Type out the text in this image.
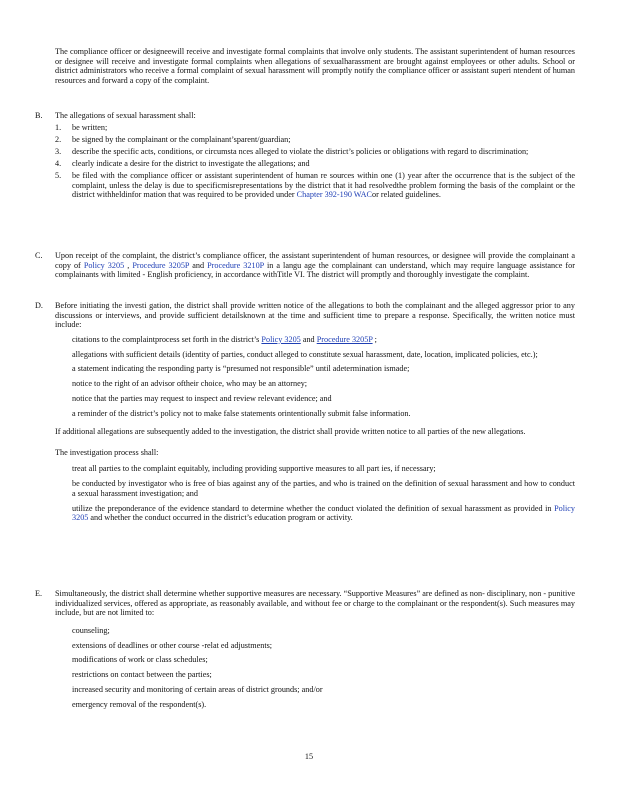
The compliance officer or designeewill receive and investigate formal complaints that involve only students. The assistant superintendent of human resources or designee will receive and investigate formal complaints when allegations of sexualharassment are brought against employees or other adults. School or district administrators who receive a formal complaint of sexual harassment will promptly notify the compliance officer or assistant superi ntendent of human resources and forward a copy of the complaint.
B.	The allegations of sexual harassment shall:
1. be written;
2. be signed by the complainant or the complainant’sparent/guardian;
3. describe the specific acts, conditions, or circumsta nces alleged to violate the district’s policies or obligations with regard to discrimination;
4. clearly indicate a desire for the district to investigate the allegations; and
5. be filed with the compliance officer or assistant superintendent of human re sources within one (1) year after the occurrence that is the subject of the complaint, unless the delay is due to specificmisrepresentations by the district that it had resolvedthe problem forming the basis of the complaint or the district withheldinfor mation that was required to be provided under Chapter 392-190 WACor related guidelines.
C.	Upon receipt of the complaint, the district’s compliance officer, the assistant superintendent of human resources, or designee will provide the complainant a copy of Policy 3205 , Procedure 3205P and Procedure 3210P in a langu age the complainant can understand, which may require language assistance for complainants with limited - English proficiency, in accordance withTitle VI. The district will promptly and thoroughly investigate the complaint.
D.	Before initiating the investi gation, the district shall provide written notice of the allegations to both the complainant and the alleged aggressor prior to any discussions or interviews, and provide sufficient detailsknown at the time and sufficient time to prepare a response. Specifically, the written notice must include:
citations to the complaintprocess set forth in the district’s Policy 3205 and Procedure 3205P ;
allegations with sufficient details (identity of parties, conduct alleged to constitute sexual harassment, date, location, implicated policies, etc.);
a statement indicating the responding party is “presumed not responsible” until adetermination ismade;
notice to the right of an advisor oftheir choice, who may be an attorney;
notice that the parties may request to inspect and review relevant evidence; and
a reminder of the district’s policy not to make false statements orintentionally submit false information.
If additional allegations are subsequently added to the investigation, the district shall provide written notice to all parties of the new allegations.
The investigation process shall:
treat all parties to the complaint equitably, including providing supportive measures to all part ies, if necessary;
be conducted by investigator who is free of bias against any of the parties, and who is trained on the definition of sexual harassment and how to conduct a sexual harassment investigation; and
utilize the preponderance of the evidence standard to determine whether the conduct violated the definition of sexual harassment as provided in Policy 3205 and whether the conduct occurred in the district’s education program or activity.
E.	Simultaneously, the district shall determine whether supportive measures are necessary. “Supportive Measures” are defined as non- disciplinary, non - punitive individualized services, offered as appropriate, as reasonably available, and without fee or charge to the complainant or the respondent(s). Such measures may include, but are not limited to:
counseling;
extensions of deadlines or other course -relat ed adjustments;
modifications of work or class schedules;
restrictions on contact between the parties;
increased security and monitoring of certain areas of district grounds; and/or
emergency removal of the respondent(s).
15
